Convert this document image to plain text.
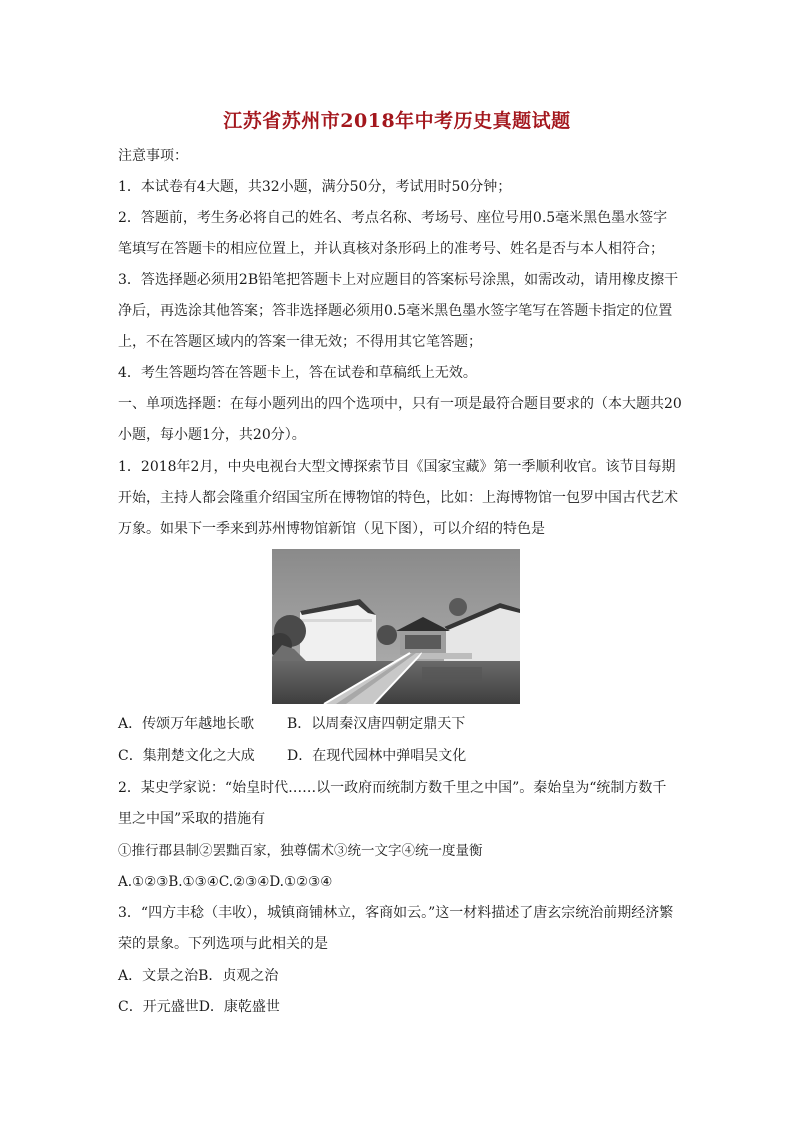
江苏省苏州市2018年中考历史真题试题
注意事项：
1．本试卷有4大题，共32小题，满分50分，考试用时50分钟；
2．答题前，考生务必将自己的姓名、考点名称、考场号、座位号用0.5毫米黑色墨水签字
笔填写在答题卡的相应位置上，并认真核对条形码上的准考号、姓名是否与本人相符合；
3．答选择题必须用2B铅笔把答题卡上对应题目的答案标号涂黑，如需改动，请用橡皮擦干
净后，再选涂其他答案；答非选择题必须用0.5毫米黑色墨水签字笔写在答题卡指定的位置
上，不在答题区域内的答案一律无效；不得用其它笔答题；
4．考生答题均答在答题卡上，答在试卷和草稿纸上无效。
一、单项选择题：在每小题列出的四个选项中，只有一项是最符合题目要求的（本大题共20
小题，每小题1分，共20分）。
1．2018年2月，中央电视台大型文博探索节目《国家宝藏》第一季顺利收官。该节目每期
开始，主持人都会隆重介绍国宝所在博物馆的特色，比如：上海博物馆一包罗中国古代艺术
万象。如果下一季来到苏州博物馆新馆（见下图），可以介绍的特色是
A．传颂万年越地长歌 B．以周秦汉唐四朝定鼎天下
C．集荆楚文化之大成 D．在现代园林中弹唱吴文化
2．某史学家说：“始皇时代……以一政府而统制方数千里之中国”。秦始皇为“统制方数千
里之中国”采取的措施有
①推行郡县制②罢黜百家，独尊儒术③统一文字④统一度量衡
A.①②③B.①③④C.②③④D.①②③④
3．“四方丰稔（丰收），城镇商铺林立，客商如云。”这一材料描述了唐玄宗统治前期经济繁
荣的景象。下列选项与此相关的是
A．文景之治B．贞观之治
C．开元盛世D．康乾盛世
